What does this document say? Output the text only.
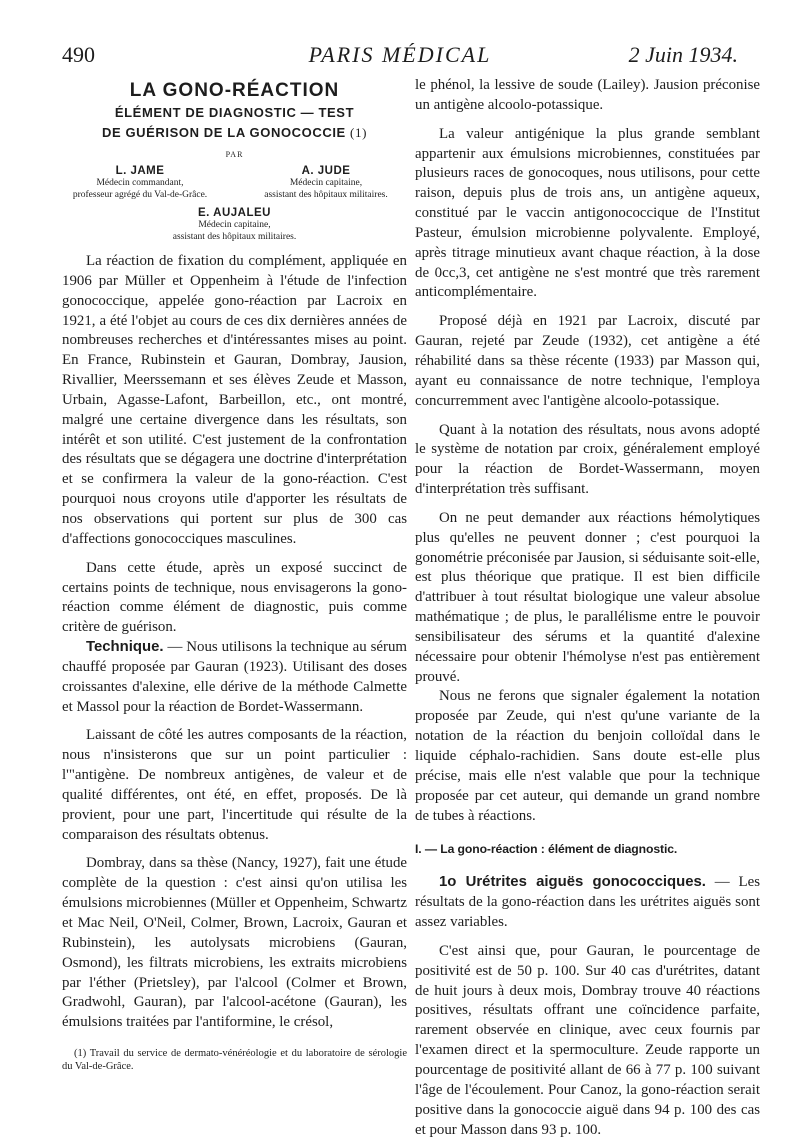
490	PARIS MÉDICAL	2 Juin 1934.
LA GONO-RÉACTION
ÉLÉMENT DE DIAGNOSTIC — TEST
DE GUÉRISON DE LA GONOCOCCIE (1)
PAR
L. JAME
Médecin commandant,
professeur agrégé du Val-de-Grâce.
A. JUDE
Médecin capitaine,
assistant des hôpitaux militaires.
E. AUJALEU
Médecin capitaine,
assistant des hôpitaux militaires.

La réaction de fixation du complément, appliquée en 1906 par Müller et Oppenheim à l'étude de l'infection gonococcique, appelée gono-réaction par Lacroix en 1921, a été l'objet au cours de ces dix dernières années de nombreuses recherches et d'intéressantes mises au point. En France, Rubinstein et Gauran, Dombray, Jausion, Rivallier, Meerssemann et ses élèves Zeude et Masson, Urbain, Agasse-Lafont, Barbeillon, etc., ont montré, malgré une certaine divergence dans les résultats, son intérêt et son utilité. C'est justement de la confrontation des résultats que se dégagera une doctrine d'interprétation et se confirmera la valeur de la gono-réaction. C'est pourquoi nous croyons utile d'apporter les résultats de nos observations qui portent sur plus de 300 cas d'affections gonococciques masculines.

Dans cette étude, après un exposé succinct de certains points de technique, nous envisagerons la gono-réaction comme élément de diagnostic, puis comme critère de guérison.

Technique. — Nous utilisons la technique au sérum chauffé proposée par Gauran (1923). Utilisant des doses croissantes d'alexine, elle dérive de la méthode Calmette et Massol pour la réaction de Bordet-Wassermann.

Laissant de côté les autres composants de la réaction, nous n'insisterons que sur un point particulier : l'"antigène. De nombreux antigènes, de valeur et de qualité différentes, ont été, en effet, proposés. De là provient, pour une part, l'incertitude qui résulte de la comparaison des résultats obtenus.

Dombray, dans sa thèse (Nancy, 1927), fait une étude complète de la question : c'est ainsi qu'on utilisa les émulsions microbiennes (Müller et Oppenheim, Schwartz et Mac Neil, O'Neil, Colmer, Brown, Lacroix, Gauran et Rubinstein), les autolysats microbiens (Gauran, Osmond), les filtrats microbiens, les extraits microbiens par l'éther (Prietsley), par l'alcool (Colmer et Brown, Gradwohl, Gauran), par l'alcool-acétone (Gauran), les émulsions traitées par l'antiformine, le crésol,

(1) Travail du service de dermato-vénéréologie et du laboratoire de sérologie du Val-de-Grâce.

le phénol, la lessive de soude (Lailey). Jausion préconise un antigène alcoolo-potassique.

La valeur antigénique la plus grande semblant appartenir aux émulsions microbiennes, constituées par plusieurs races de gonocoques, nous utilisons, pour cette raison, depuis plus de trois ans, un antigène aqueux, constitué par le vaccin antigonococcique de l'Institut Pasteur, émulsion microbienne polyvalente. Employé, après titrage minutieux avant chaque réaction, à la dose de 0cc,3, cet antigène ne s'est montré que très rarement anticomplémentaire.

Proposé déjà en 1921 par Lacroix, discuté par Gauran, rejeté par Zeude (1932), cet antigène a été réhabilité dans sa thèse récente (1933) par Masson qui, ayant eu connaissance de notre technique, l'employa concurremment avec l'antigène alcoolo-potassique.

Quant à la notation des résultats, nous avons adopté le système de notation par croix, généralement employé pour la réaction de Bordet-Wassermann, moyen d'interprétation très suffisant.

On ne peut demander aux réactions hémolytiques plus qu'elles ne peuvent donner ; c'est pourquoi la gonométrie préconisée par Jausion, si séduisante soit-elle, est plus théorique que pratique. Il est bien difficile d'attribuer à tout résultat biologique une valeur absolue mathématique ; de plus, le parallélisme entre le pouvoir sensibilisateur des sérums et la quantité d'alexine nécessaire pour obtenir l'hémolyse n'est pas entièrement prouvé.

Nous ne ferons que signaler également la notation proposée par Zeude, qui n'est qu'une variante de la notation de la réaction du benjoin colloïdal dans le liquide céphalo-rachidien. Sans doute est-elle plus précise, mais elle n'est valable que pour la technique proposée par cet auteur, qui demande un grand nombre de tubes à réactions.

I. — La gono-réaction : élément de diagnostic.

1o Urétrites aiguës gonococciques. — Les résultats de la gono-réaction dans les urétrites aiguës sont assez variables.

C'est ainsi que, pour Gauran, le pourcentage de positivité est de 50 p. 100. Sur 40 cas d'urétrites, datant de huit jours à deux mois, Dombray trouve 40 réactions positives, résultats offrant une coïncidence parfaite, rarement observée en clinique, avec ceux fournis par l'examen direct et la spermoculture. Zeude rapporte un pourcentage de positivité allant de 66 à 77 p. 100 suivant l'âge de l'écoulement. Pour Canoz, la gono-réaction serait positive dans la gonococcie aiguë dans 94 p. 100 des cas et pour Masson dans 93 p. 100.
